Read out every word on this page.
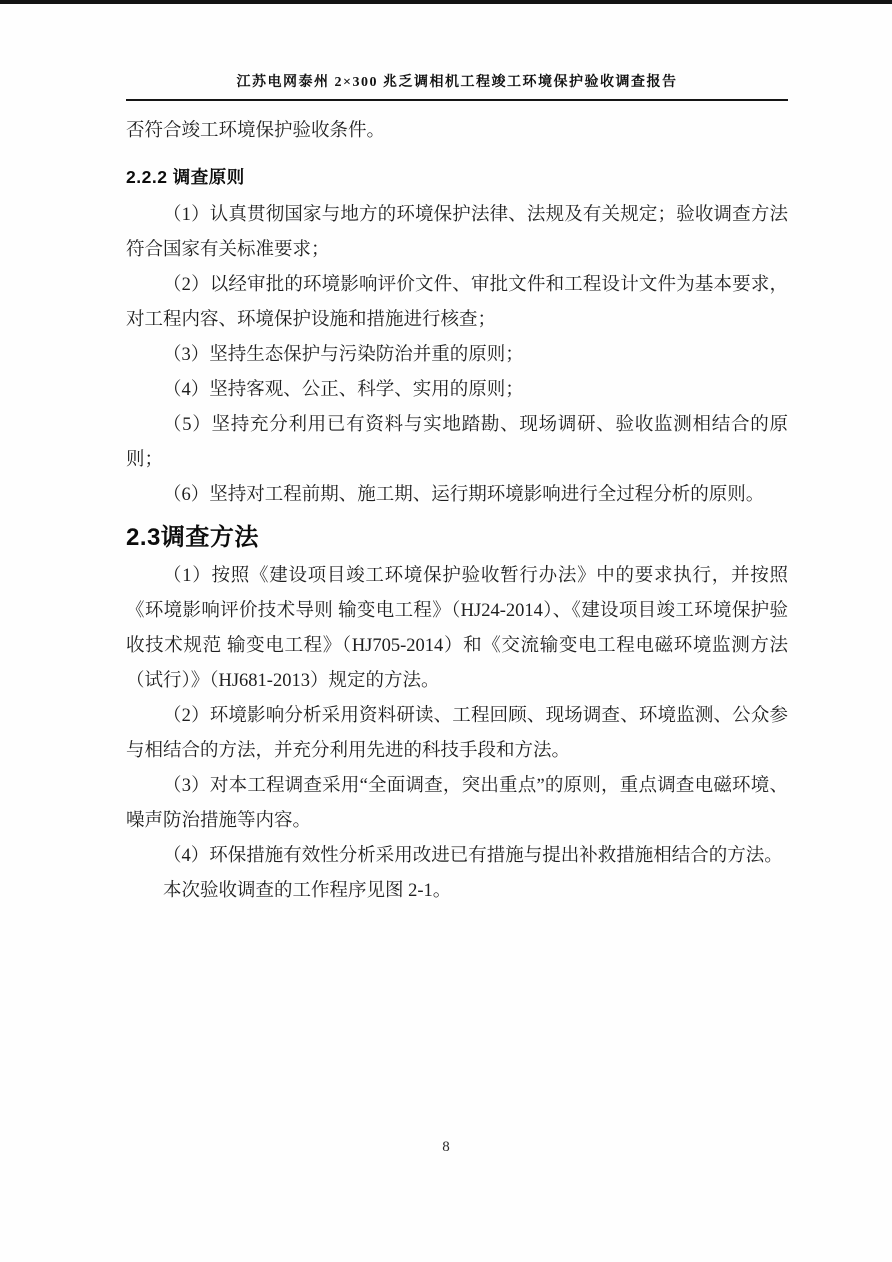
江苏电网泰州 2×300 兆乏调相机工程竣工环境保护验收调查报告

否符合竣工环境保护验收条件。

2.2.2 调查原则

（1）认真贯彻国家与地方的环境保护法律、法规及有关规定；验收调查方法符合国家有关标准要求；

（2）以经审批的环境影响评价文件、审批文件和工程设计文件为基本要求，对工程内容、环境保护设施和措施进行核查；

（3）坚持生态保护与污染防治并重的原则；

（4）坚持客观、公正、科学、实用的原则；

（5）坚持充分利用已有资料与实地踏勘、现场调研、验收监测相结合的原则；

（6）坚持对工程前期、施工期、运行期环境影响进行全过程分析的原则。

2.3调查方法

（1）按照《建设项目竣工环境保护验收暂行办法》中的要求执行，并按照《环境影响评价技术导则 输变电工程》（HJ24-2014）、《建设项目竣工环境保护验收技术规范 输变电工程》（HJ705-2014）和《交流输变电工程电磁环境监测方法（试行）》（HJ681-2013）规定的方法。

（2）环境影响分析采用资料研读、工程回顾、现场调查、环境监测、公众参与相结合的方法，并充分利用先进的科技手段和方法。

（3）对本工程调查采用“全面调查，突出重点”的原则，重点调查电磁环境、噪声防治措施等内容。

（4）环保措施有效性分析采用改进已有措施与提出补救措施相结合的方法。

本次验收调查的工作程序见图 2-1。

8
